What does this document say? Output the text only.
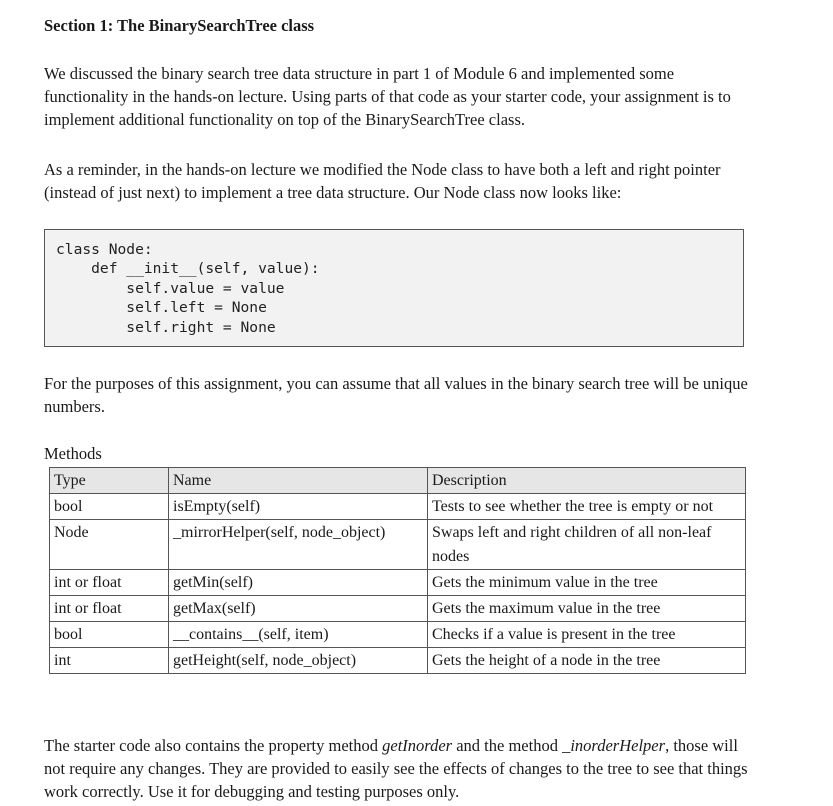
Section 1: The BinarySearchTree class
We discussed the binary search tree data structure in part 1 of Module 6 and implemented some functionality in the hands-on lecture. Using parts of that code as your starter code, your assignment is to implement additional functionality on top of the BinarySearchTree class.
As a reminder, in the hands-on lecture we modified the Node class to have both a left and right pointer (instead of just next) to implement a tree data structure. Our Node class now looks like:
class Node:
def __init__(self, value):
self.value = value
self.left = None
self.right = None
For the purposes of this assignment, you can assume that all values in the binary search tree will be unique numbers.
Methods
Type	Name	Description
bool	isEmpty(self)	Tests to see whether the tree is empty or not
Node	_mirrorHelper(self, node_object)	Swaps left and right children of all non-leaf nodes
int or float	getMin(self)	Gets the minimum value in the tree
int or float	getMax(self)	Gets the maximum value in the tree
bool	__contains__(self, item)	Checks if a value is present in the tree
int	getHeight(self, node_object)	Gets the height of a node in the tree
The starter code also contains the property method getInorder and the method _inorderHelper, those will not require any changes. They are provided to easily see the effects of changes to the tree to see that things work correctly. Use it for debugging and testing purposes only.
